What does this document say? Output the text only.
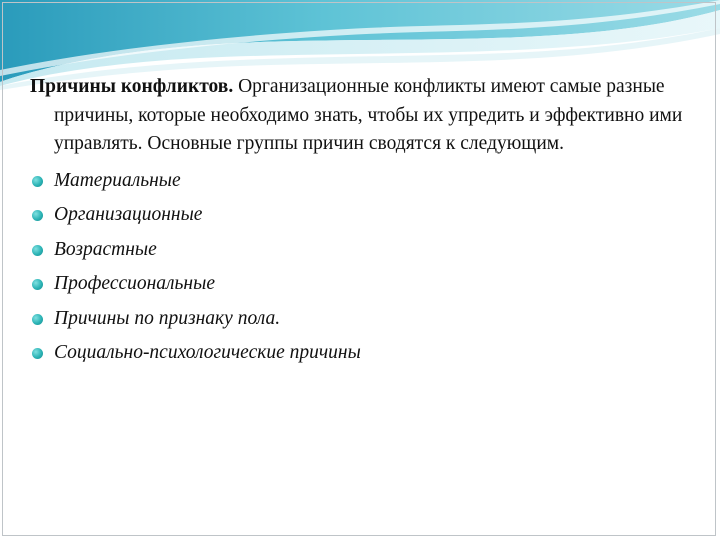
Причины конфликтов. Организационные конфликты имеют самые разные причины, которые необходимо знать, чтобы их упредить и эффективно ими управлять. Основные группы причин сводятся к следующим.

Материальные
Организационные
Возрастные
Профессиональные
Причины по признаку пола.
Социально-психологические причины
